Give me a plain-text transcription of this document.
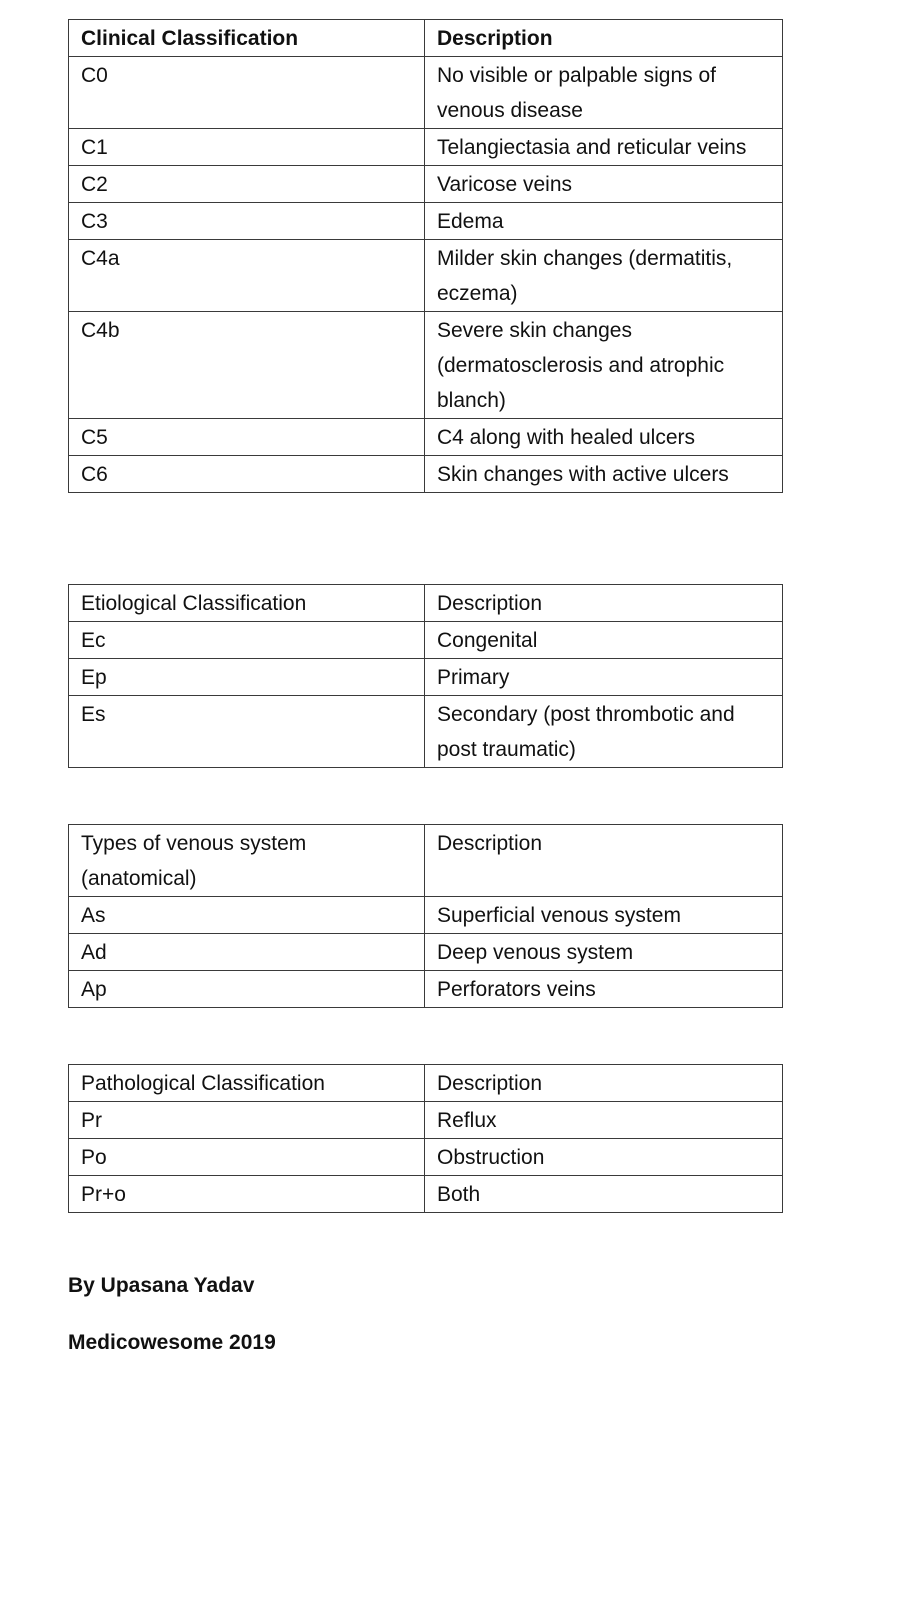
Clinical Classification	Description
C0	No visible or palpable signs of venous disease
C1	Telangiectasia and reticular veins
C2	Varicose veins
C3	Edema
C4a	Milder skin changes (dermatitis, eczema)
C4b	Severe skin changes (dermatosclerosis and atrophic blanch)
C5	C4 along with healed ulcers
C6	Skin changes with active ulcers
Etiological Classification	Description
Ec	Congenital
Ep	Primary
Es	Secondary (post thrombotic and post traumatic)
Types of venous system (anatomical)	Description
As	Superficial venous system
Ad	Deep venous system
Ap	Perforators veins
Pathological Classification	Description
Pr	Reflux
Po	Obstruction
Pr+o	Both
By Upasana Yadav
Medicowesome 2019
